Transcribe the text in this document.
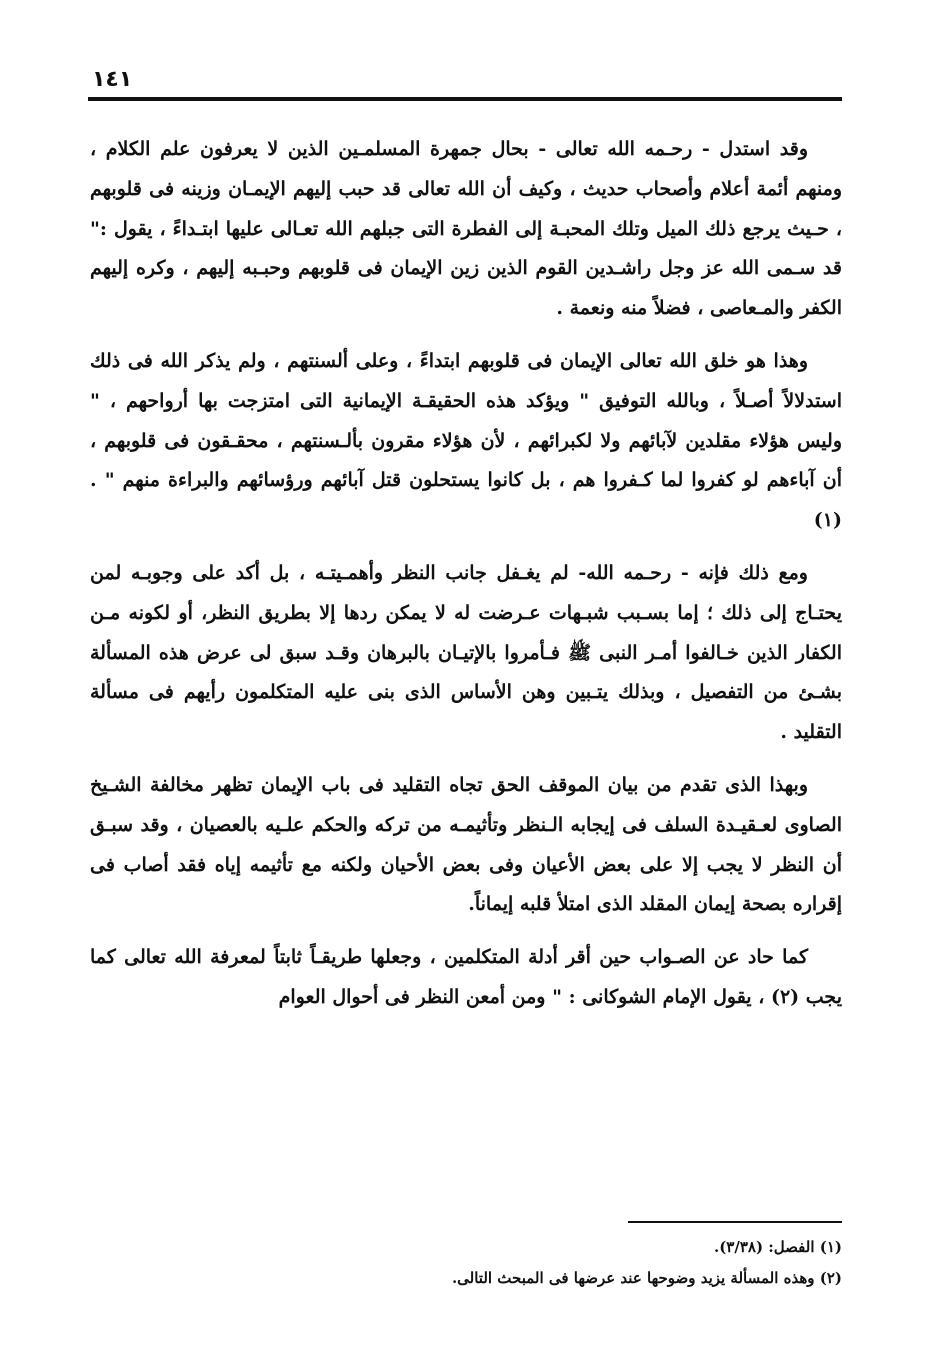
١٤١

وقد استدل - رحـمه الله تعالى - بحال جمهرة المسلمـين الذين لا يعرفون علم الكلام ، ومنهم أئمة أعلام وأصحاب حديث ، وكيف أن الله تعالى قد حبب إليهم الإيمـان وزينه فى قلوبهم ، حـيث يرجع ذلك الميل وتلك المحبـة إلى الفطرة التى جبلهم الله تعـالى عليها ابتـداءً ، يقول :" قد سـمى الله عز وجل راشـدين القوم الذين زين الإيمان فى قلوبهم وحبـبه إليهم ، وكره إليهم الكفر والمـعاصى ، فضلاً منه ونعمة .

وهذا هو خلق الله تعالى الإيمان فى قلوبهم ابتداءً ، وعلى ألسنتهم ، ولم يذكر الله فى ذلك استدلالاً أصـلاً ، وبالله التوفيق " ويؤكد هذه الحقيقـة الإيمانية التى امتزجت بها أرواحهم ، " وليس هؤلاء مقلدين لآبائهم ولا لكبرائهم ، لأن هؤلاء مقرون بألـسنتهم ، محقـقون فى قلوبهم ، أن آباءهم لو كفروا لما كـفروا هم ، بل كانوا يستحلون قتل آبائهم ورؤسائهم والبراءة منهم " . (١)

ومع ذلك فإنه - رحـمه الله- لم يغـفل جانب النظر وأهمـيتـه ، بل أكد على وجوبـه لمن يحتـاج إلى ذلك ؛ إما بسـبب شبـهات عـرضت له لا يمكن ردها إلا بطريق النظر، أو لكونه مـن الكفار الذين خـالفوا أمـر النبى ﷺ فـأمروا بالإتيـان بالبرهان وقـد سبق لى عرض هذه المسألة بشـئ من التفصيل ، وبذلك يتـبين وهن الأساس الذى بنى عليه المتكلمون رأيهم فى مسألة التقليد .

وبهذا الذى تقدم من بيان الموقف الحق تجاه التقليد فى باب الإيمان تظهر مخالفة الشـيخ الصاوى لعـقيـدة السلف فى إيجابه الـنظر وتأثيمـه من تركه والحكم علـيه بالعصيان ، وقد سبـق أن النظر لا يجب إلا على بعض الأعيان وفى بعض الأحيان ولكنه مع تأثيمه إياه فقد أصاب فى إقراره بصحة إيمان المقلد الذى امتلأ قلبه إيماناً.

كما حاد عن الصـواب حين أقر أدلة المتكلمين ، وجعلها طريقـاً ثابتاً لمعرفة الله تعالى كما يجب (٢) ، يقول الإمام الشوكانى : " ومن أمعن النظر فى أحوال العوام

(١) الفصل: (٣/٣٨).
(٢) وهذه المسألة يزيد وضوحها عند عرضها فى المبحث التالى.
